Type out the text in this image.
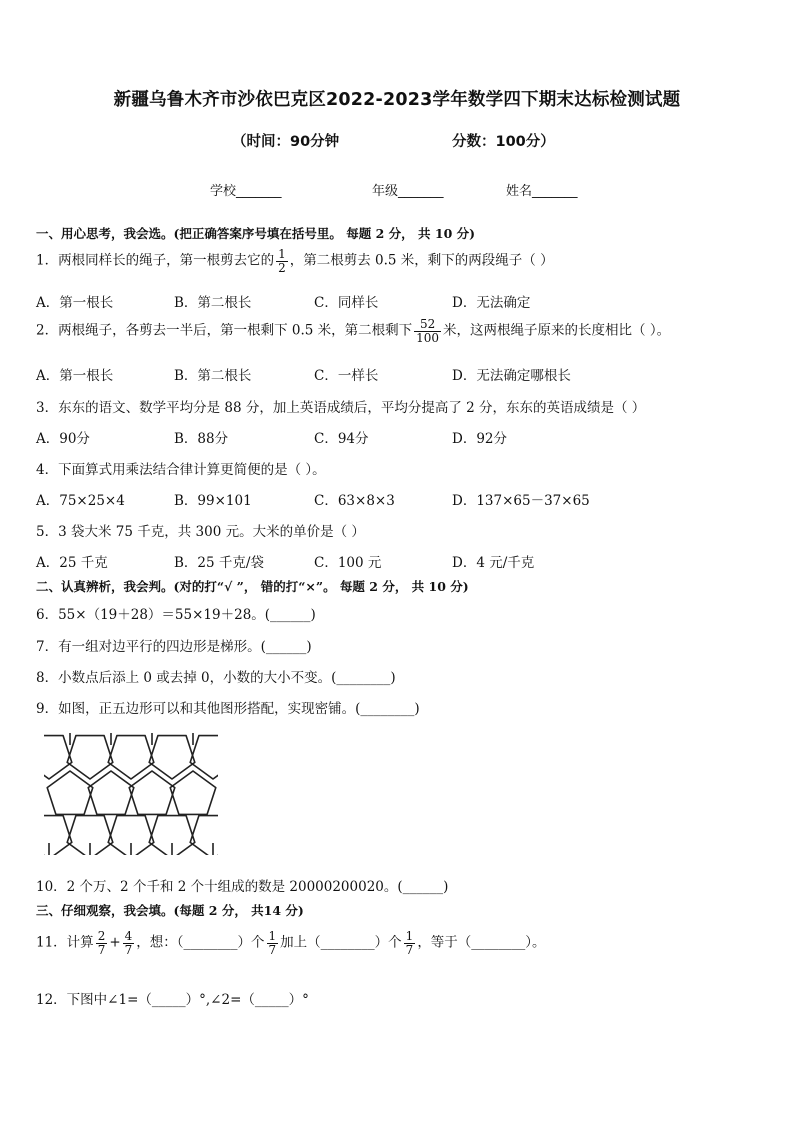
新疆乌鲁木齐市沙依巴克区2022-2023学年数学四下期末达标检测试题
（时间：90分钟	分数：100分）
学校_______	年级_______	姓名_______
一、用心思考，我会选。(把正确答案序号填在括号里。 每题 2 分， 共 10 分)
1．两根同样长的绳子，第一根剪去它的 $\frac{1}{2}$ ，第二根剪去 0.5 米，剩下的两段绳子（ ）
A．第一根长	B．第二根长	C．同样长	D．无法确定
2．两根绳子，各剪去一半后，第一根剩下 0.5 米，第二根剩下 $\frac{52}{100}$ 米，这两根绳子原来的长度相比（ ）。
A．第一根长	B．第二根长	C．一样长	D．无法确定哪根长
3．东东的语文、数学平均分是 88 分，加上英语成绩后，平均分提高了 2 分，东东的英语成绩是（ ）
A．90分	B．88分	C．94分	D．92分
4．下面算式用乘法结合律计算更简便的是（ ）。
A．75×25×4	B．99×101	C．63×8×3	D．137×65－37×65
5．3 袋大米 75 千克，共 300 元。大米的单价是（ ）
A．25 千克	B．25 千克/袋	C．100 元	D．4 元/千克
二、认真辨析，我会判。(对的打“√ ”， 错的打“×”。 每题 2 分， 共 10 分)
6．55×（19＋28）＝55×19＋28。(______)
7．有一组对边平行的四边形是梯形。(______)
8．小数点后添上 0 或去掉 0，小数的大小不变。(________)
9．如图，正五边形可以和其他图形搭配，实现密铺。(________)
10．2 个万、2 个千和 2 个十组成的数是 20000200020。(______)
三、仔细观察，我会填。(每题 2 分， 共14 分)
11．计算 $\frac{2}{7} + \frac{4}{7}$ ，想：（________）个 $\frac{1}{7}$ 加上（________）个 $\frac{1}{7}$ ，等于（________）。
12．下图中∠1=（_____）°,∠2=（_____）°
